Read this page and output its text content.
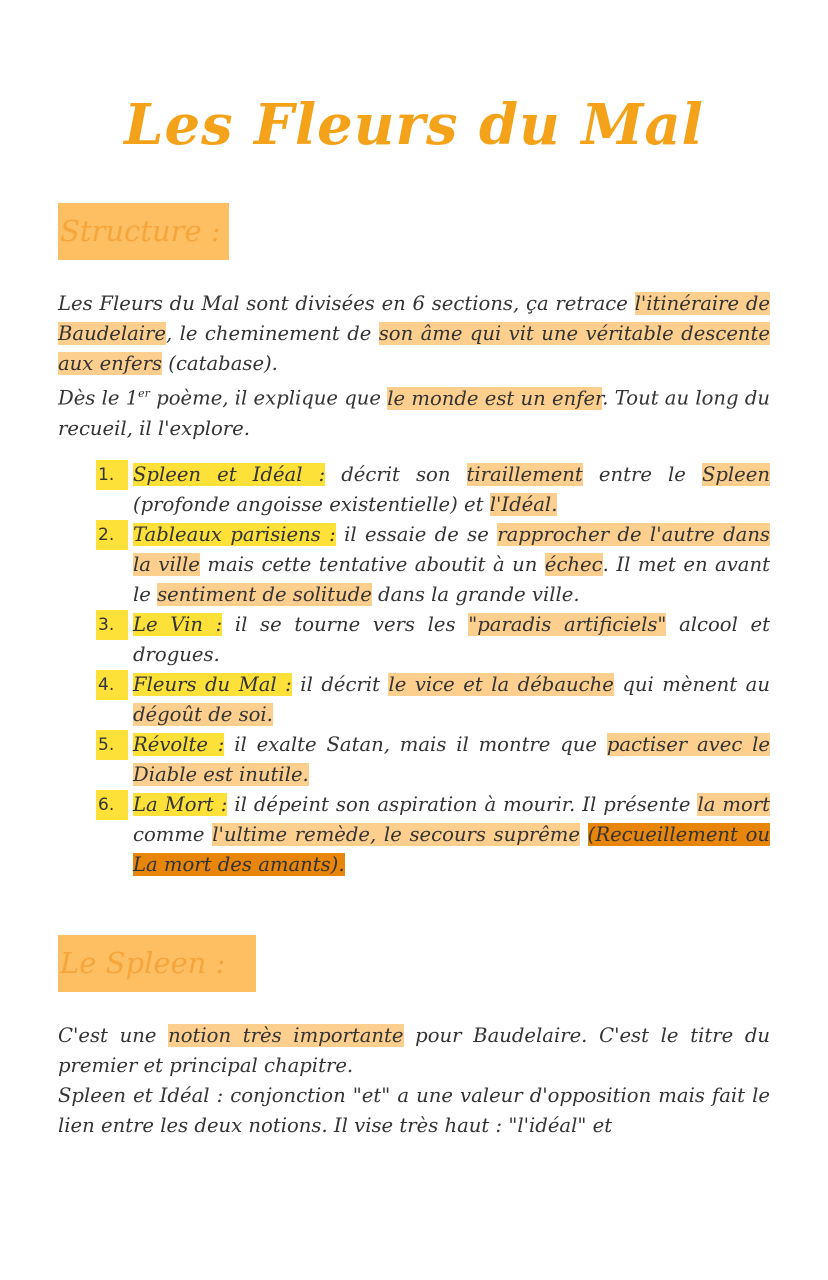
Les Fleurs du Mal
Structure :

Les Fleurs du Mal sont divisées en 6 sections, ça retrace l'itinéraire de Baudelaire, le cheminement de son âme qui vit une véritable descente aux enfers (catabase).
Dès le 1er poème, il explique que le monde est un enfer. Tout au long du recueil, il l'explore.

1. Spleen et Idéal : décrit son tiraillement entre le Spleen (profonde angoisse existentielle) et l'Idéal.
2. Tableaux parisiens : il essaie de se rapprocher de l'autre dans la ville mais cette tentative aboutit à un échec. Il met en avant le sentiment de solitude dans la grande ville.
3. Le Vin : il se tourne vers les "paradis artificiels" alcool et drogues.
4. Fleurs du Mal : il décrit le vice et la débauche qui mènent au dégoût de soi.
5. Révolte : il exalte Satan, mais il montre que pactiser avec le Diable est inutile.
6. La Mort : il dépeint son aspiration à mourir. Il présente la mort comme l'ultime remède, le secours suprême (Recueillement ou La mort des amants).
Le Spleen :

C'est une notion très importante pour Baudelaire. C'est le titre du premier et principal chapitre.
Spleen et Idéal : conjonction "et" a une valeur d'opposition mais fait le lien entre les deux notions. Il vise très haut : "l'idéal" et
